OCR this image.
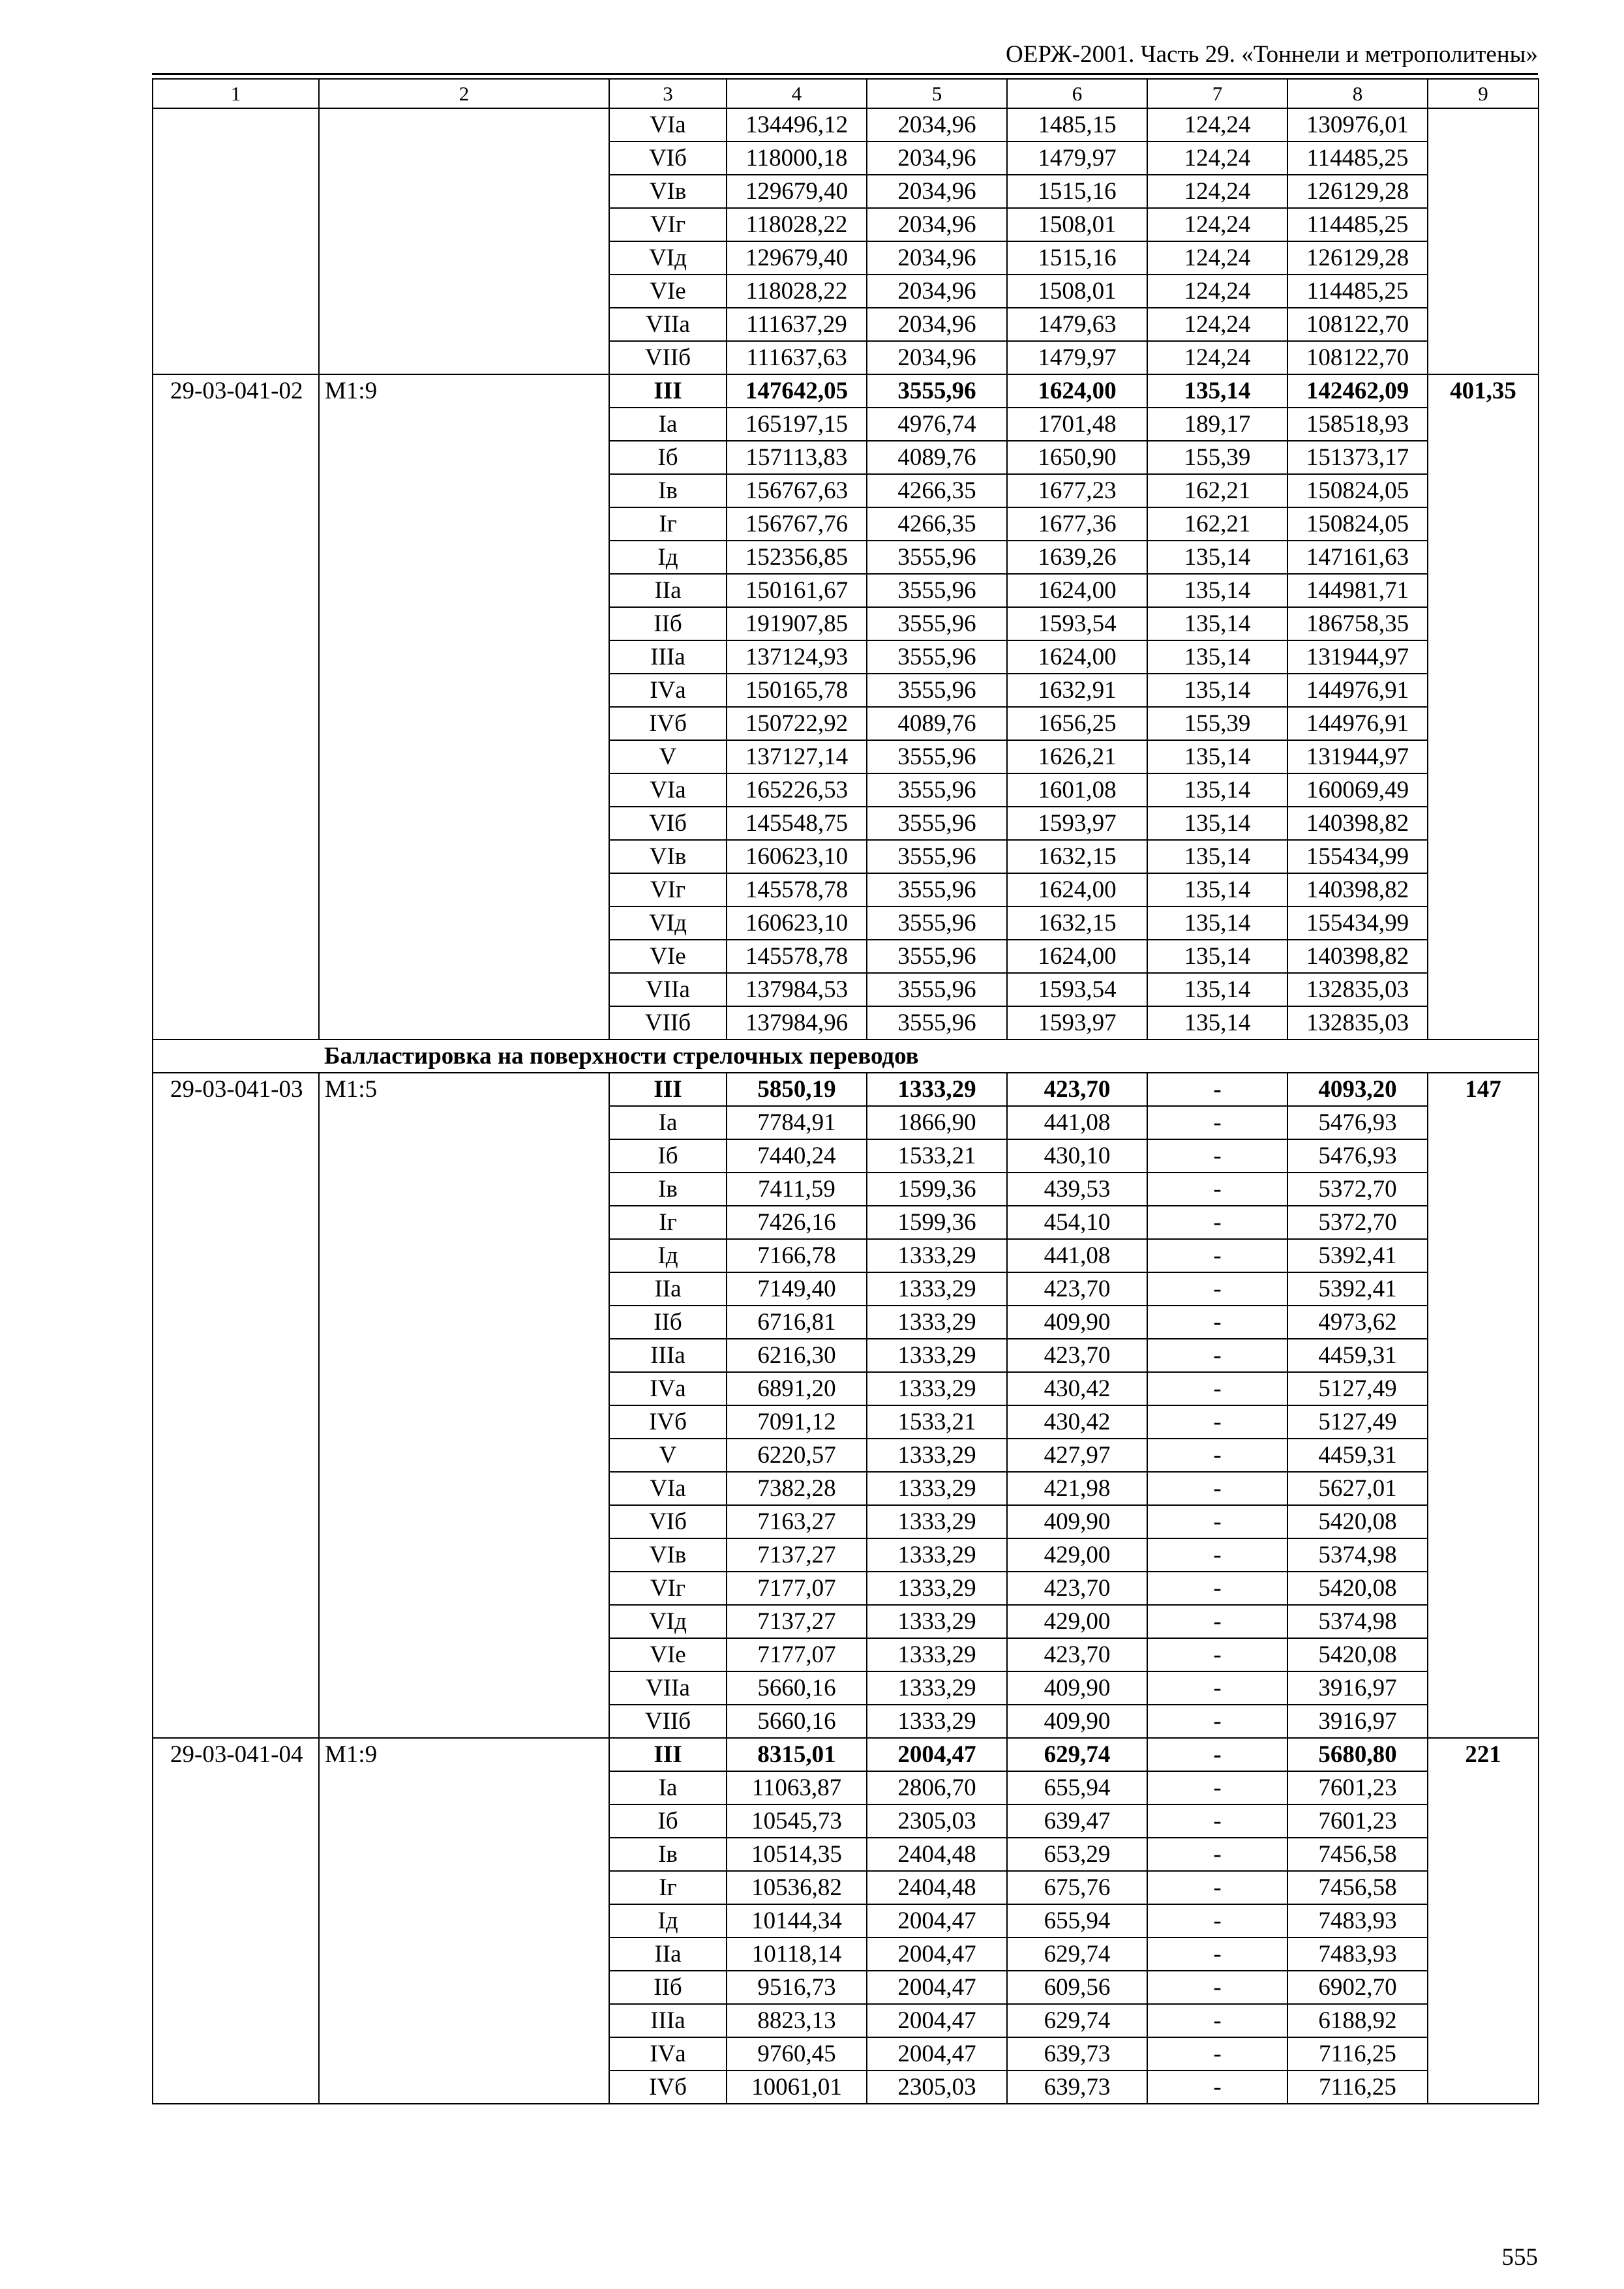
ОЕРЖ-2001. Часть 29. «Тоннели и метрополитены»
1	2	3	4	5	6	7	8	9
		VIа	134496,12	2034,96	1485,15	124,24	130976,01	
		VIб	118000,18	2034,96	1479,97	124,24	114485,25	
		VIв	129679,40	2034,96	1515,16	124,24	126129,28	
		VIг	118028,22	2034,96	1508,01	124,24	114485,25	
		VIд	129679,40	2034,96	1515,16	124,24	126129,28	
		VIе	118028,22	2034,96	1508,01	124,24	114485,25	
		VIIа	111637,29	2034,96	1479,63	124,24	108122,70	
		VIIб	111637,63	2034,96	1479,97	124,24	108122,70	
29-03-041-02	М1:9	III	147642,05	3555,96	1624,00	135,14	142462,09	401,35
		Iа	165197,15	4976,74	1701,48	189,17	158518,93	
		Iб	157113,83	4089,76	1650,90	155,39	151373,17	
		Iв	156767,63	4266,35	1677,23	162,21	150824,05	
		Iг	156767,76	4266,35	1677,36	162,21	150824,05	
		Iд	152356,85	3555,96	1639,26	135,14	147161,63	
		IIа	150161,67	3555,96	1624,00	135,14	144981,71	
		IIб	191907,85	3555,96	1593,54	135,14	186758,35	
		IIIа	137124,93	3555,96	1624,00	135,14	131944,97	
		IVа	150165,78	3555,96	1632,91	135,14	144976,91	
		IVб	150722,92	4089,76	1656,25	155,39	144976,91	
		V	137127,14	3555,96	1626,21	135,14	131944,97	
		VIа	165226,53	3555,96	1601,08	135,14	160069,49	
		VIб	145548,75	3555,96	1593,97	135,14	140398,82	
		VIв	160623,10	3555,96	1632,15	135,14	155434,99	
		VIг	145578,78	3555,96	1624,00	135,14	140398,82	
		VIд	160623,10	3555,96	1632,15	135,14	155434,99	
		VIе	145578,78	3555,96	1624,00	135,14	140398,82	
		VIIа	137984,53	3555,96	1593,54	135,14	132835,03	
		VIIб	137984,96	3555,96	1593,97	135,14	132835,03	
	Балластировка на поверхности стрелочных переводов							
29-03-041-03	М1:5	III	5850,19	1333,29	423,70	-	4093,20	147
		Iа	7784,91	1866,90	441,08	-	5476,93	
		Iб	7440,24	1533,21	430,10	-	5476,93	
		Iв	7411,59	1599,36	439,53	-	5372,70	
		Iг	7426,16	1599,36	454,10	-	5372,70	
		Iд	7166,78	1333,29	441,08	-	5392,41	
		IIа	7149,40	1333,29	423,70	-	5392,41	
		IIб	6716,81	1333,29	409,90	-	4973,62	
		IIIа	6216,30	1333,29	423,70	-	4459,31	
		IVа	6891,20	1333,29	430,42	-	5127,49	
		IVб	7091,12	1533,21	430,42	-	5127,49	
		V	6220,57	1333,29	427,97	-	4459,31	
		VIа	7382,28	1333,29	421,98	-	5627,01	
		VIб	7163,27	1333,29	409,90	-	5420,08	
		VIв	7137,27	1333,29	429,00	-	5374,98	
		VIг	7177,07	1333,29	423,70	-	5420,08	
		VIд	7137,27	1333,29	429,00	-	5374,98	
		VIе	7177,07	1333,29	423,70	-	5420,08	
		VIIа	5660,16	1333,29	409,90	-	3916,97	
		VIIб	5660,16	1333,29	409,90	-	3916,97	
29-03-041-04	М1:9	III	8315,01	2004,47	629,74	-	5680,80	221
		Iа	11063,87	2806,70	655,94	-	7601,23	
		Iб	10545,73	2305,03	639,47	-	7601,23	
		Iв	10514,35	2404,48	653,29	-	7456,58	
		Iг	10536,82	2404,48	675,76	-	7456,58	
		Iд	10144,34	2004,47	655,94	-	7483,93	
		IIа	10118,14	2004,47	629,74	-	7483,93	
		IIб	9516,73	2004,47	609,56	-	6902,70	
		IIIа	8823,13	2004,47	629,74	-	6188,92	
		IVа	9760,45	2004,47	639,73	-	7116,25	
		IVб	10061,01	2305,03	639,73	-	7116,25	
555
